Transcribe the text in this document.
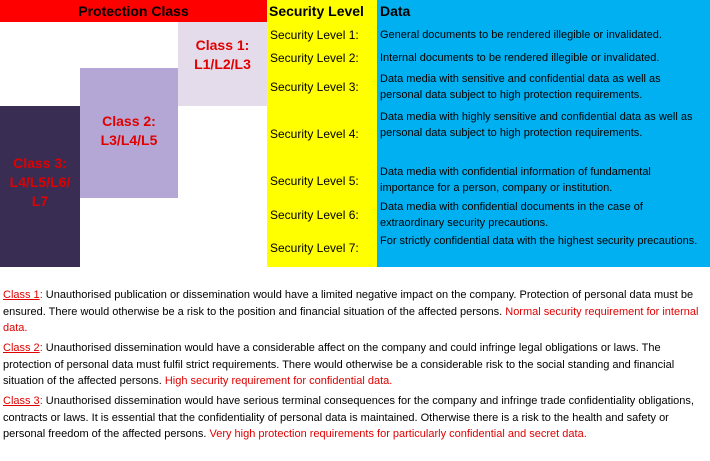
Protection Class	Security Level Data
Class 3: L4/L5/L6/ L7
Class 2: L3/L4/L5
Class 1: L1/L2/L3
Security Level 1: General documents to be rendered illegible or invalidated.
Security Level 2: Internal documents to be rendered illegible or invalidated.
Security Level 3:
Data media with sensitive and confidential data as well as personal data subject to high protection requirements.
Security Level 4:
Data media with highly sensitive and confidential data as well as personal data subject to high protection requirements.
Security Level 5:
Data media with confidential information of fundamental importance for a person, company or institution.
Security Level 6:
Data media with confidential documents in the case of extraordinary security precautions.
Security Level 7: For strictly confidential data with the highest security precautions.
Class 1: Unauthorised publication or dissemination would have a limited negative impact on the company. Protection of personal data must be ensured. There would otherwise be a risk to the position and financial situation of the affected persons. Normal security requirement for internal data.
Class 2: Unauthorised dissemination would have a considerable affect on the company and could infringe legal obligations or laws. The protection of personal data must fulfil strict requirements. There would otherwise be a considerable risk to the social standing and financial situation of the affected persons. High security requirement for confidential data.
Class 3: Unauthorised dissemination would have serious terminal consequences for the company and infringe trade confidentiality obligations, contracts or laws. It is essential that the confidentiality of personal data is maintained. Otherwise there is a risk to the health and safety or personal freedom of the affected persons. Very high protection requirements for particularly confidential and secret data.
